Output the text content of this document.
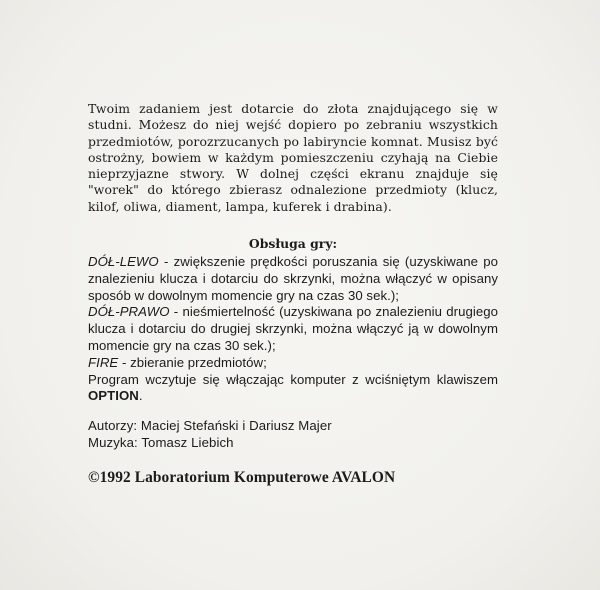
Twoim zadaniem jest dotarcie do złota znajdującego się w studni. Możesz do niej wejść dopiero po zebraniu wszystkich przedmiotów, porozrzucanych po labiryncie komnat. Musisz być ostrożny, bowiem w każdym pomieszczeniu czyhają na Ciebie nieprzyjazne stwory. W dolnej części ekranu znajduje się "worek" do którego zbierasz odnalezione przedmioty (klucz, kilof, oliwa, diament, lampa, kuferek i drabina).
Obsługa gry:

DÓŁ-LEWO - zwiększenie prędkości poruszania się (uzyskiwane po znalezieniu klucza i dotarciu do skrzynki, można włączyć w opisany sposób w dowolnym momencie gry na czas 30 sek.);

DÓŁ-PRAWO - nieśmiertelność (uzyskiwana po znalezieniu drugiego klucza i dotarciu do drugiej skrzynki, można włączyć ją w dowolnym momencie gry na czas 30 sek.);

FIRE - zbieranie przedmiotów;

Program wczytuje się włączając komputer z wciśniętym klawiszem OPTION.

Autorzy: Maciej Stefański i Dariusz Majer

Muzyka: Tomasz Liebich

©1992 Laboratorium Komputerowe AVALON
